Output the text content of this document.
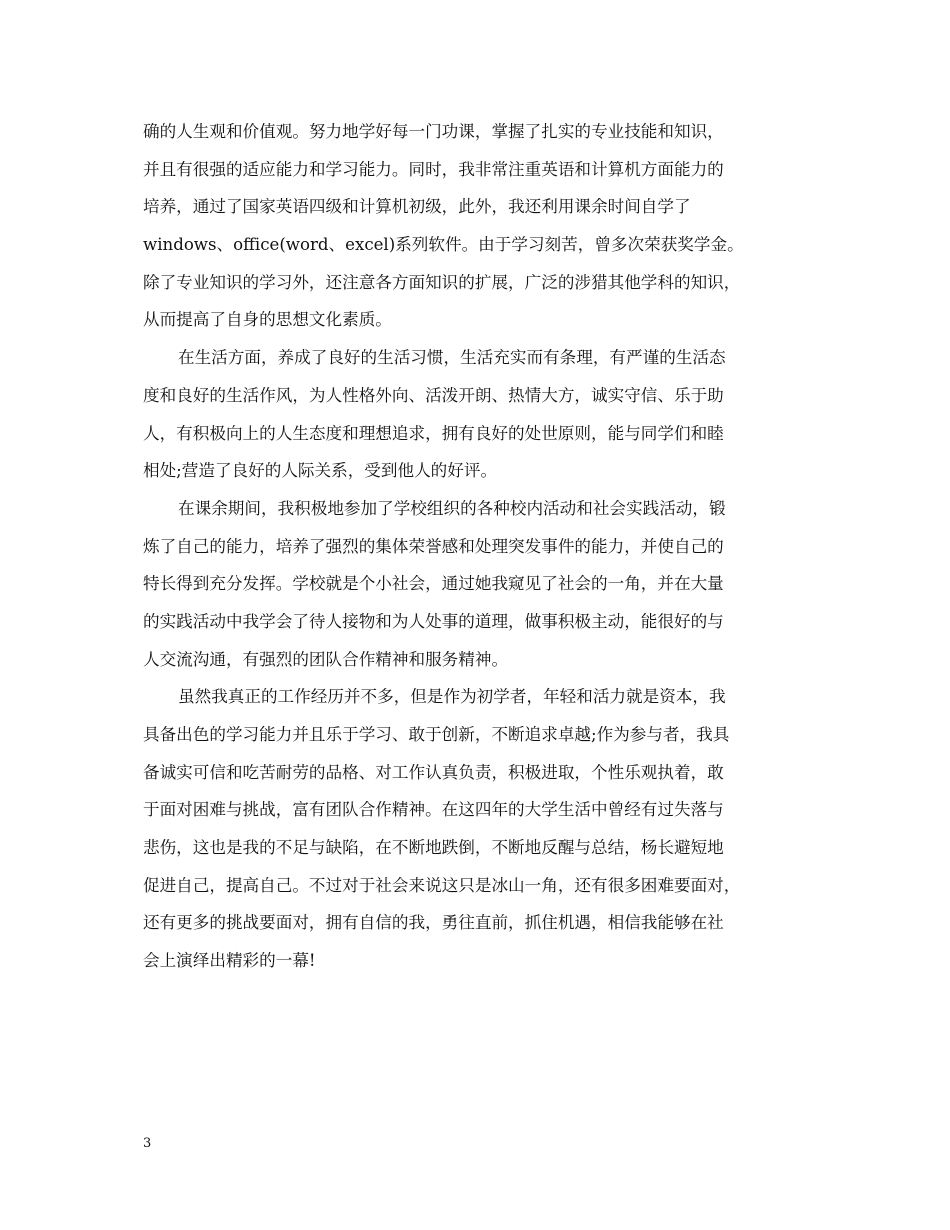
确的人生观和价值观。努力地学好每一门功课，掌握了扎实的专业技能和知识，
并且有很强的适应能力和学习能力。同时，我非常注重英语和计算机方面能力的
培养，通过了国家英语四级和计算机初级，此外，我还利用课余时间自学了
windows、office(word、excel)系列软件。由于学习刻苦，曾多次荣获奖学金。
除了专业知识的学习外，还注意各方面知识的扩展，广泛的涉猎其他学科的知识，
从而提高了自身的思想文化素质。
在生活方面，养成了良好的生活习惯，生活充实而有条理，有严谨的生活态
度和良好的生活作风，为人性格外向、活泼开朗、热情大方，诚实守信、乐于助
人，有积极向上的人生态度和理想追求，拥有良好的处世原则，能与同学们和睦
相处;营造了良好的人际关系，受到他人的好评。
在课余期间，我积极地参加了学校组织的各种校内活动和社会实践活动，锻
炼了自己的能力，培养了强烈的集体荣誉感和处理突发事件的能力，并使自己的
特长得到充分发挥。学校就是个小社会，通过她我窥见了社会的一角，并在大量
的实践活动中我学会了待人接物和为人处事的道理，做事积极主动，能很好的与
人交流沟通，有强烈的团队合作精神和服务精神。
虽然我真正的工作经历并不多，但是作为初学者，年轻和活力就是资本，我
具备出色的学习能力并且乐于学习、敢于创新，不断追求卓越;作为参与者，我具
备诚实可信和吃苦耐劳的品格、对工作认真负责，积极进取，个性乐观执着，敢
于面对困难与挑战，富有团队合作精神。在这四年的大学生活中曾经有过失落与
悲伤，这也是我的不足与缺陷，在不断地跌倒，不断地反醒与总结，杨长避短地
促进自己，提高自己。不过对于社会来说这只是冰山一角，还有很多困难要面对，
还有更多的挑战要面对，拥有自信的我，勇往直前，抓住机遇，相信我能够在社
会上演绎出精彩的一幕!
3
